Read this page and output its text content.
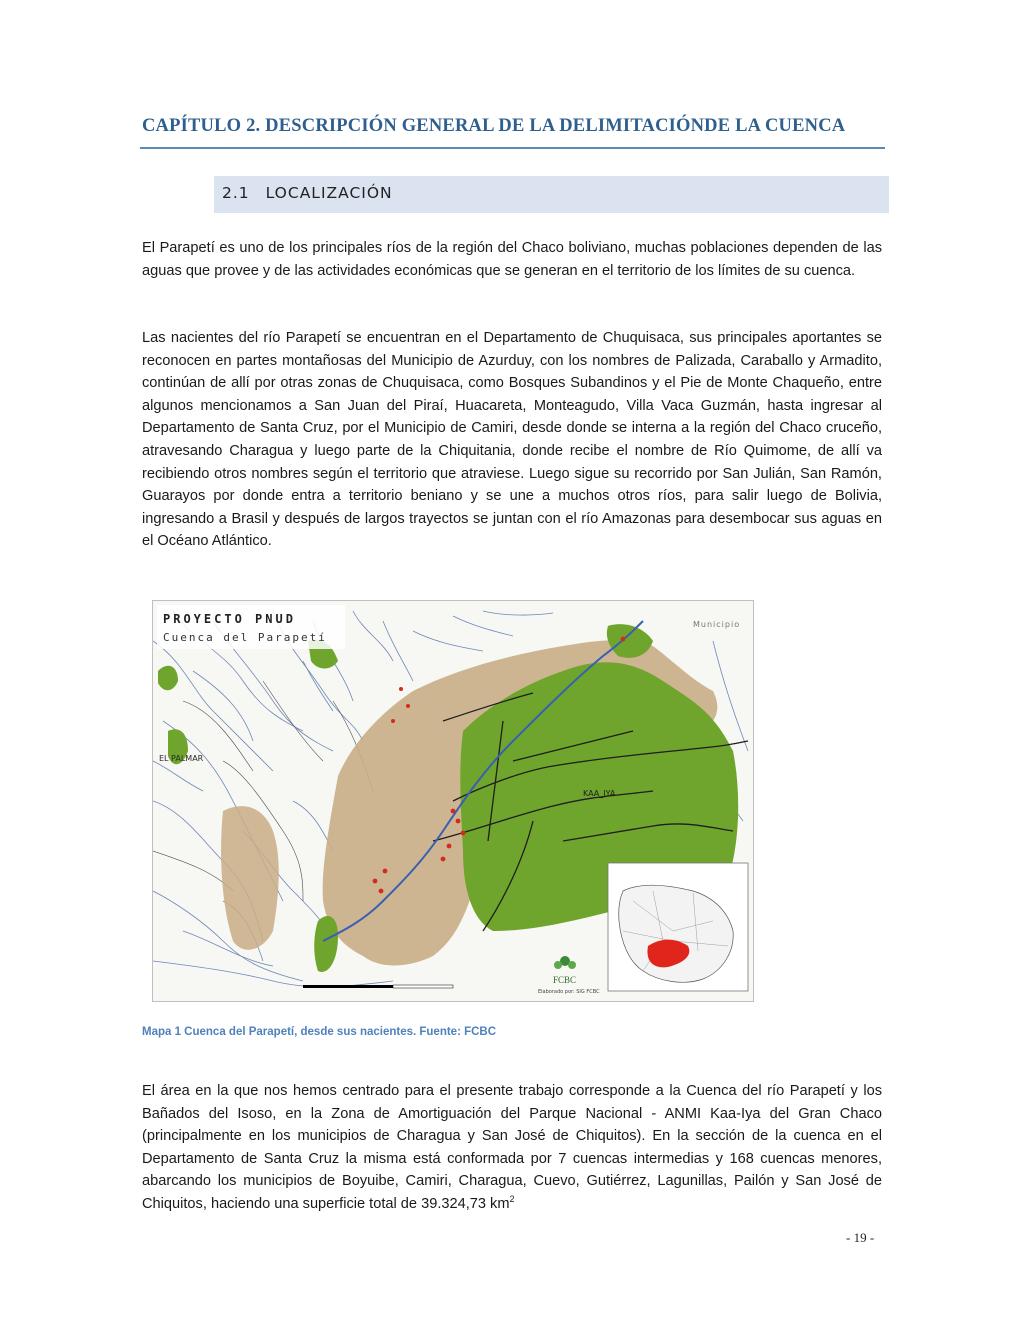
CAPÍTULO 2. DESCRIPCIÓN GENERAL DE LA DELIMITACIÓNDE LA CUENCA
2.1 LOCALIZACIÓN

El Parapetí es uno de los principales ríos de la región del Chaco boliviano, muchas poblaciones dependen de las aguas que provee y de las actividades económicas que se generan en el territorio de los límites de su cuenca.

Las nacientes del río Parapetí se encuentran en el Departamento de Chuquisaca, sus principales aportantes se reconocen en partes montañosas del Municipio de Azurduy, con los nombres de Palizada, Caraballo y Armadito, continúan de allí por otras zonas de Chuquisaca, como Bosques Subandinos y el Pie de Monte Chaqueño, entre algunos mencionamos a San Juan del Piraí, Huacareta, Monteagudo, Villa Vaca Guzmán, hasta ingresar al Departamento de Santa Cruz, por el Municipio de Camiri, desde donde se interna a la región del Chaco cruceño, atravesando Charagua y luego parte de la Chiquitania, donde recibe el nombre de Río Quimome, de allí va recibiendo otros nombres según el territorio que atraviese. Luego sigue su recorrido por San Julián, San Ramón, Guarayos por donde entra a territorio beniano y se une a muchos otros ríos, para salir luego de Bolivia, ingresando a Brasil y después de largos trayectos se juntan con el río Amazonas para desembocar sus aguas en el Océano Atlántico.

PROYECTO PNUD
Cuenca del Parapetí
EL PALMAR
KAA_IYA
Municipio
FCBC
Elaborado por: SIG FCBC
Mapa 1 Cuenca del Parapetí, desde sus nacientes. Fuente: FCBC

El área en la que nos hemos centrado para el presente trabajo corresponde a la Cuenca del río Parapetí y los Bañados del Isoso, en la Zona de Amortiguación del Parque Nacional - ANMI Kaa-Iya del Gran Chaco (principalmente en los municipios de Charagua y San José de Chiquitos). En la sección de la cuenca en el Departamento de Santa Cruz la misma está conformada por 7 cuencas intermedias y 168 cuencas menores, abarcando los municipios de Boyuibe, Camiri, Charagua, Cuevo, Gutiérrez, Lagunillas, Pailón y San José de Chiquitos, haciendo una superficie total de 39.324,73 $km^2$

- 19 -
